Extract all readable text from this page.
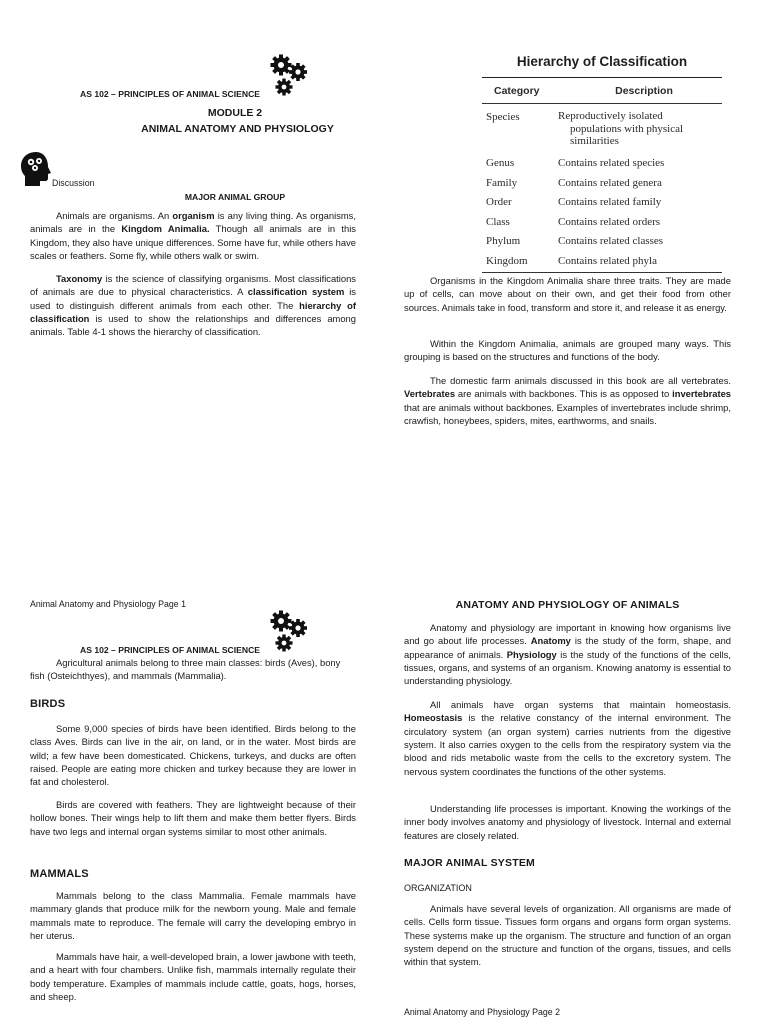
AS 102 – PRINCIPLES OF ANIMAL SCIENCE
MODULE 2
ANIMAL ANATOMY AND PHYSIOLOGY
Discussion
MAJOR ANIMAL GROUP
Animals are organisms. An organism is any living thing. As organisms, animals are in the Kingdom Animalia. Though all animals are in this Kingdom, they also have unique differences. Some have fur, while others have scales or feathers. Some fly, while others walk or swim.
Taxonomy is the science of classifying organisms. Most classifications of animals are due to physical characteristics. A classification system is used to distinguish different animals from each other. The hierarchy of classification is used to show the relationships and differences among animals. Table 4-1 shows the hierarchy of classification.
Hierarchy of Classification
Category	Description
Species	Reproductively isolated
populations with physical
similarities

Genus	Contains related species
Family	Contains related genera
Order	Contains related family
Class	Contains related orders
Phylum	Contains related classes
Kingdom	Contains related phyla
Organisms in the Kingdom Animalia share three traits. They are made up of cells, can move about on their own, and get their food from other sources. Animals take in food, transform and store it, and release it as energy.
Within the Kingdom Animalia, animals are grouped many ways. This grouping is based on the structures and functions of the body.
The domestic farm animals discussed in this book are all vertebrates. Vertebrates are animals with backbones. This is as opposed to invertebrates that are animals without backbones. Examples of invertebrates include shrimp, crawfish, honeybees, spiders, mites, earthworms, and snails.
Animal Anatomy and Physiology Page 1
AS 102 – PRINCIPLES OF ANIMAL SCIENCE
Agricultural animals belong to three main classes: birds (Aves), bony fish (Osteichthyes), and mammals (Mammalia).
BIRDS
Some 9,000 species of birds have been identified. Birds belong to the class Aves. Birds can live in the air, on land, or in the water. Most birds are wild; a few have been domesticated. Chickens, turkeys, and ducks are often raised. People are eating more chicken and turkey because they are lower in fat and cholesterol.
Birds are covered with feathers. They are lightweight because of their hollow bones. Their wings help to lift them and make them better flyers. Birds have two legs and internal organ systems similar to most other animals.
MAMMALS
Mammals belong to the class Mammalia. Female mammals have mammary glands that produce milk for the newborn young. Male and female mammals mate to reproduce. The female will carry the developing embryo in her uterus.
Mammals have hair, a well-developed brain, a lower jawbone with teeth, and a heart with four chambers. Unlike fish, mammals internally regulate their body temperature. Examples of mammals include cattle, goats, hogs, horses, and sheep.
ANATOMY AND PHYSIOLOGY OF ANIMALS
Anatomy and physiology are important in knowing how organisms live and go about life processes. Anatomy is the study of the form, shape, and appearance of animals. Physiology is the study of the functions of the cells, tissues, organs, and systems of an organism. Knowing anatomy is essential to understanding physiology.
All animals have organ systems that maintain homeostasis. Homeostasis is the relative constancy of the internal environment. The circulatory system (an organ system) carries nutrients from the digestive system. It also carries oxygen to the cells from the respiratory system via the blood and rids metabolic waste from the cells to the excretory system. The nervous system coordinates the functions of the other systems.
Understanding life processes is important. Knowing the workings of the inner body involves anatomy and physiology of livestock. Internal and external features are closely related.
MAJOR ANIMAL SYSTEM
ORGANIZATION
Animals have several levels of organization. All organisms are made of cells. Cells form tissue. Tissues form organs and organs form organ systems. These systems make up the organism. The structure and function of an organ system depend on the structure and function of the organs, tissues, and cells within that system.
Animal Anatomy and Physiology Page 2
